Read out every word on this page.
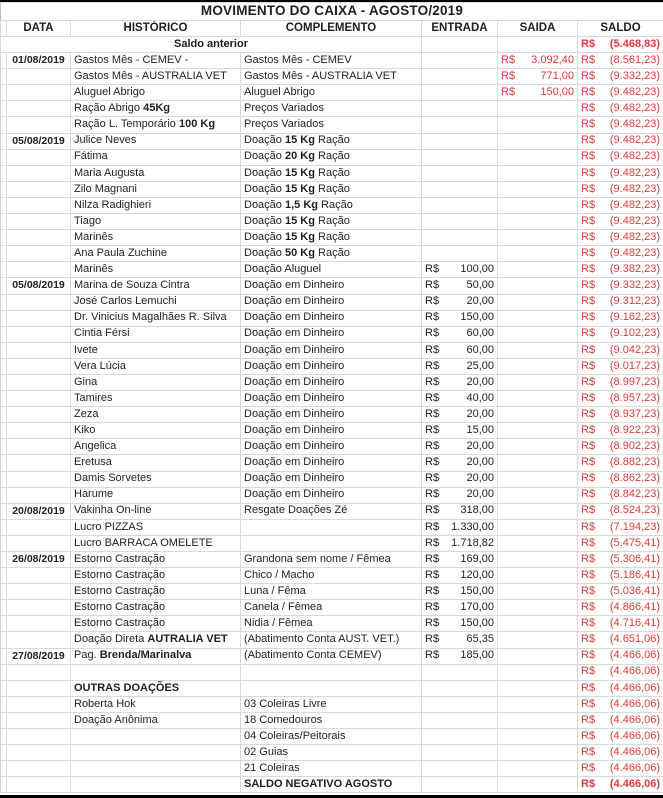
MOVIMENTO DO CAIXA - AGOSTO/2019						
	DATA	HISTÓRICO	COMPLEMENTO	ENTRADA	SAIDA	SALDO
Saldo anterior						R$ (5.468,83)
	01/08/2019	Gastos Mês - CEMEV -	Gastos Mês - CEMEV		R$ 3.092,40	R$ (8.561,23)
		Gastos Mês - AUSTRALIA VET	Gastos Mês - AUSTRALIA VET		R$ 771,00	R$ (9.332,23)
		Aluguel Abrigo	Aluguel Abrigo		R$ 150,00	R$ (9.482,23)
		Ração Abrigo 45Kg	Preços Variados			R$ (9.482,23)
		Ração L. Temporário 100 Kg	Preços Variados			R$ (9.482,23)
	05/08/2019	Julice Neves	Doação 15 Kg Ração			R$ (9.482,23)
		Fátima	Doação 20 Kg Ração			R$ (9.482,23)
		Maria Augusta	Doação 15 Kg Ração			R$ (9.482,23)
		Zilo Magnani	Doação 15 Kg Ração			R$ (9.482,23)
		Nilza Radighieri	Doação 1,5 Kg Ração			R$ (9.482,23)
		Tiago	Doação 15 Kg Ração			R$ (9.482,23)
		Marinês	Doação 15 Kg Ração			R$ (9.482,23)
		Ana Paula Zuchine	Doação 50 Kg Ração			R$ (9.482,23)
		Marinês	Doação Aluguel	R$ 100,00		R$ (9.382,23)
	05/08/2019	Marina de Souza Cintra	Doação em Dinheiro	R$ 50,00		R$ (9.332,23)
		José Carlos Lemuchi	Doação em Dinheiro	R$ 20,00		R$ (9.312,23)
		Dr. Vinicius Magalhães R. Silva	Doação em Dinheiro	R$ 150,00		R$ (9.162,23)
		Cintia Férsi	Doação em Dinheiro	R$ 60,00		R$ (9.102,23)
		Ivete	Doação em Dinheiro	R$ 60,00		R$ (9.042,23)
		Vera Lúcia	Doação em Dinheiro	R$ 25,00		R$ (9.017,23)
		Gina	Doação em Dinheiro	R$ 20,00		R$ (8.997,23)
		Tamires	Doação em Dinheiro	R$ 40,00		R$ (8.957,23)
		Zeza	Doação em Dinheiro	R$ 20,00		R$ (8.937,23)
		Kiko	Doação em Dinheiro	R$ 15,00		R$ (8.922,23)
		Angelica	Doação em Dinheiro	R$ 20,00		R$ (8.902,23)
		Eretusa	Doação em Dinheiro	R$ 20,00		R$ (8.882,23)
		Damis Sorvetes	Doação em Dinheiro	R$ 20,00		R$ (8.862,23)
		Harume	Doação em Dinheiro	R$ 20,00		R$ (8.842,23)
	20/08/2019	Vakinha On-line	Resgate Doações Zé	R$ 318,00		R$ (8.524,23)
		Lucro PIZZAS		R$ 1.330,00		R$ (7.194,23)
		Lucro BARRACA OMELETE		R$ 1.718,82		R$ (5.475,41)
	26/08/2019	Estorno Castração	Grandona sem nome / Fêmea	R$ 169,00		R$ (5.306,41)
		Estorno Castração	Chico / Macho	R$ 120,00		R$ (5.186,41)
		Estorno Castração	Luna / Fêma	R$ 150,00		R$ (5.036,41)
		Estorno Castração	Canela / Fêmea	R$ 170,00		R$ (4.866,41)
		Estorno Castração	Nidia / Fêmea	R$ 150,00		R$ (4.716,41)
		Doação Direta AUTRALIA VET	(Abatimento Conta AUST. VET.)	R$ 65,35		R$ (4.651,06)
	27/08/2019	Pag. Brenda/Marinalva	(Abatimento Conta CEMEV)	R$ 185,00		R$ (4.466,06)

						R$ (4.466,06)
		OUTRAS DOAÇÕES				R$ (4.466,06)
		Roberta Hok	03 Coleiras Livre			R$ (4.466,06)
		Doação Anônima	18 Comedouros			R$ (4.466,06)
			04 Coleiras/Peitorais			R$ (4.466,06)
			02 Guias			R$ (4.466,06)
			21 Coleiras			R$ (4.466,06)
			SALDO NEGATIVO AGOSTO			R$ (4.466,06)
